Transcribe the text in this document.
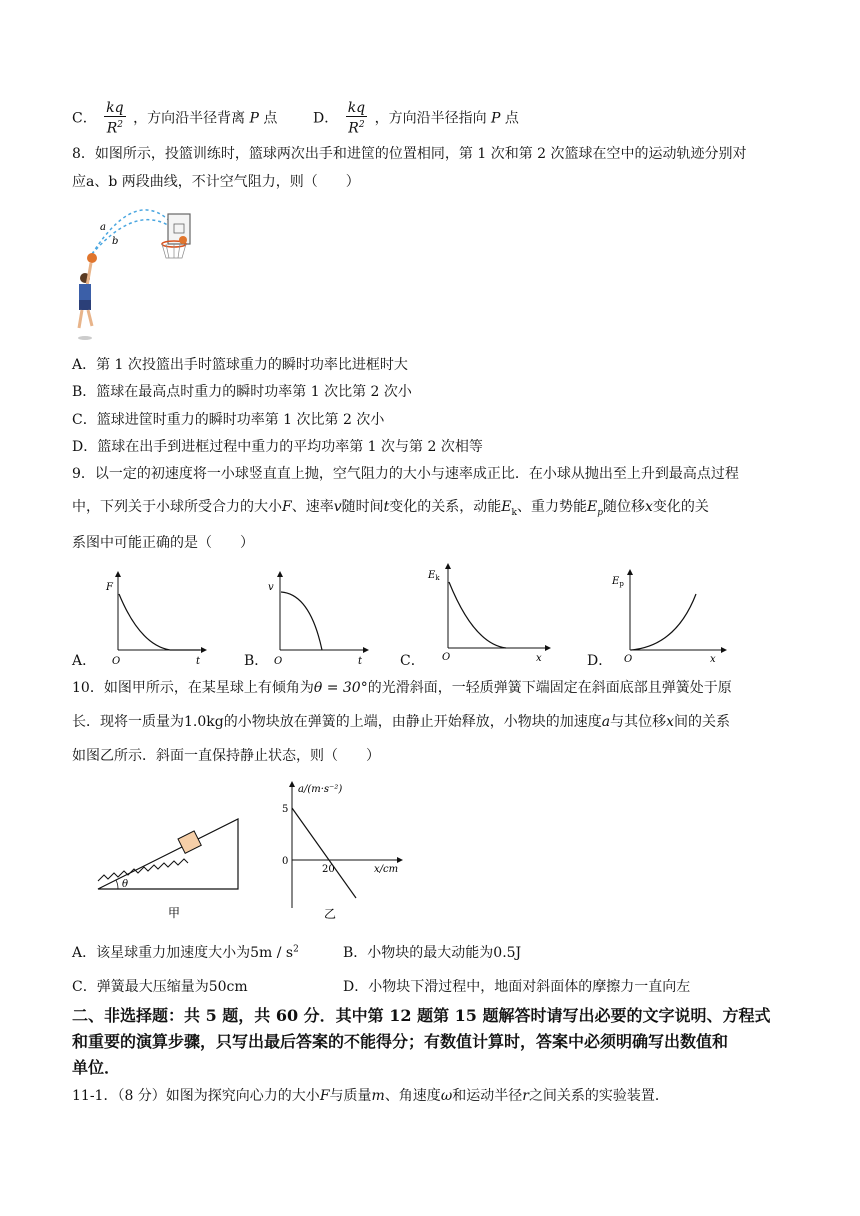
C． $\frac{kq}{R^2}$ ，方向沿半径背离 P 点	D． $\frac{kq}{R^2}$ ，方向沿半径指向 P 点
8．如图所示，投篮训练时，篮球两次出手和进筐的位置相同，第 1 次和第 2 次篮球在空中的运动轨迹分别对
应a、b 两段曲线，不计空气阻力，则（　　）
a
b
A．第 1 次投篮出手时篮球重力的瞬时功率比进框时大
B．篮球在最高点时重力的瞬时功率第 1 次比第 2 次小
C．篮球进筐时重力的瞬时功率第 1 次比第 2 次小
D．篮球在出手到进框过程中重力的平均功率第 1 次与第 2 次相等
9．以一定的初速度将一小球竖直直上抛，空气阻力的大小与速率成正比．在小球从抛出至上升到最高点过程
中，下列关于小球所受合力的大小F、速率v随时间t变化的关系，动能$E_k$、重力势能$E_p$随位移x变化的关
系图中可能正确的是（　　）
A．
F
O	t	B．
v
O	t	C．
$E_k$
O	x	D．
$E_p$
O	x
10．如图甲所示，在某星球上有倾角为θ = 30°的光滑斜面，一轻质弹簧下端固定在斜面底部且弹簧处于原
长．现将一质量为1.0kg的小物块放在弹簧的上端，由静止开始释放，小物块的加速度a与其位移x间的关系
如图乙所示．斜面一直保持静止状态，则（　　）
θ
甲
a/(m·s⁻²)
5
0
20	x/cm
乙
A．该星球重力加速度大小为$5m / s^2$	B．小物块的最大动能为0.5J
C．弹簧最大压缩量为50cm	D．小物块下滑过程中，地面对斜面体的摩擦力一直向左
二、非选择题：共 5 题，共 60 分．其中第 12 题第 15 题解答时请写出必要的文字说明、方程式
和重要的演算步骤，只写出最后答案的不能得分；有数值计算时，答案中必须明确写出数值和
单位．
11-1．（8 分）如图为探究向心力的大小F与质量m、角速度ω和运动半径r之间关系的实验装置．
